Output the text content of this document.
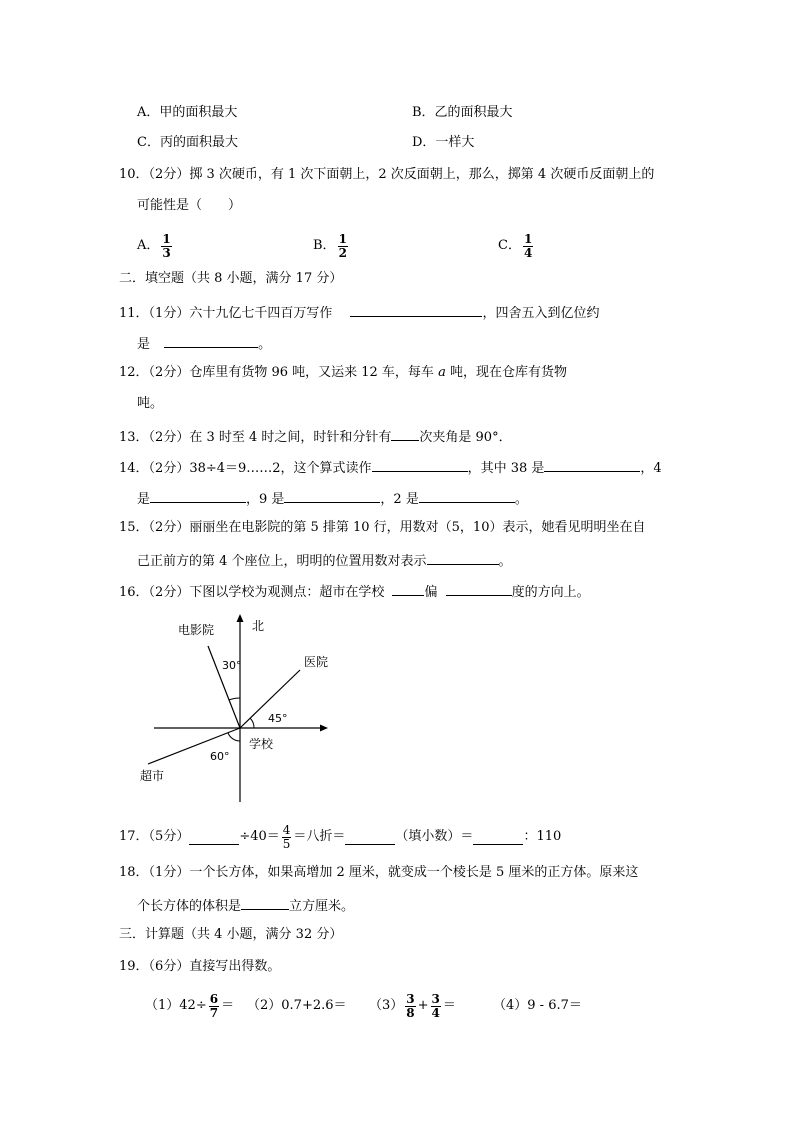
A．甲的面积最大	B．乙的面积最大
C．丙的面积最大	D．一样大
10．（2分）掷 3 次硬币，有 1 次下面朝上，2 次反面朝上，那么，掷第 4 次硬币反面朝上的
可能性是（　　）
A． $\frac{1}{3}$	B． $\frac{1}{2}$	C． $\frac{1}{4}$
二．填空题（共 8 小题，满分 17 分）
11．（1分）六十九亿七千四百万写作	，四舍五入到亿位约
是	。
12．（2分）仓库里有货物 96 吨，又运来 12 车，每车 a 吨，现在仓库有货物
吨。
13．（2分）在 3 时至 4 时之间，时针和分针有 次夹角是 90°．
14．（2分）38÷4＝9……2，这个算式读作	，其中 38 是	，4
是	，9 是	，2 是	。
15．（2分）丽丽坐在电影院的第 5 排第 10 行，用数对（5，10）表示，她看见明明坐在自
己正前方的第 4 个座位上，明明的位置用数对表示	。
16．（2分）下图以学校为观测点：超市在学校	偏	度的方向上。
北
电影院
医院
30°
45°
60°
学校
超市
17．（5分）	$\div 40= \frac{4}{5}$ ＝八折＝	（填小数）＝	：110
18．（1分）一个长方体，如果高增加 2 厘米，就变成一个棱长是 5 厘米的正方体。原来这
个长方体的体积是	立方厘米。
三．计算题（共 4 小题，满分 32 分）
19．（6分）直接写出得数。
$(1)42\div \frac{6}{7} = (2)0.7+2.6= (3) \frac{3}{8} + \frac{3}{4}$ ＝	（4）9 - 6.7＝
